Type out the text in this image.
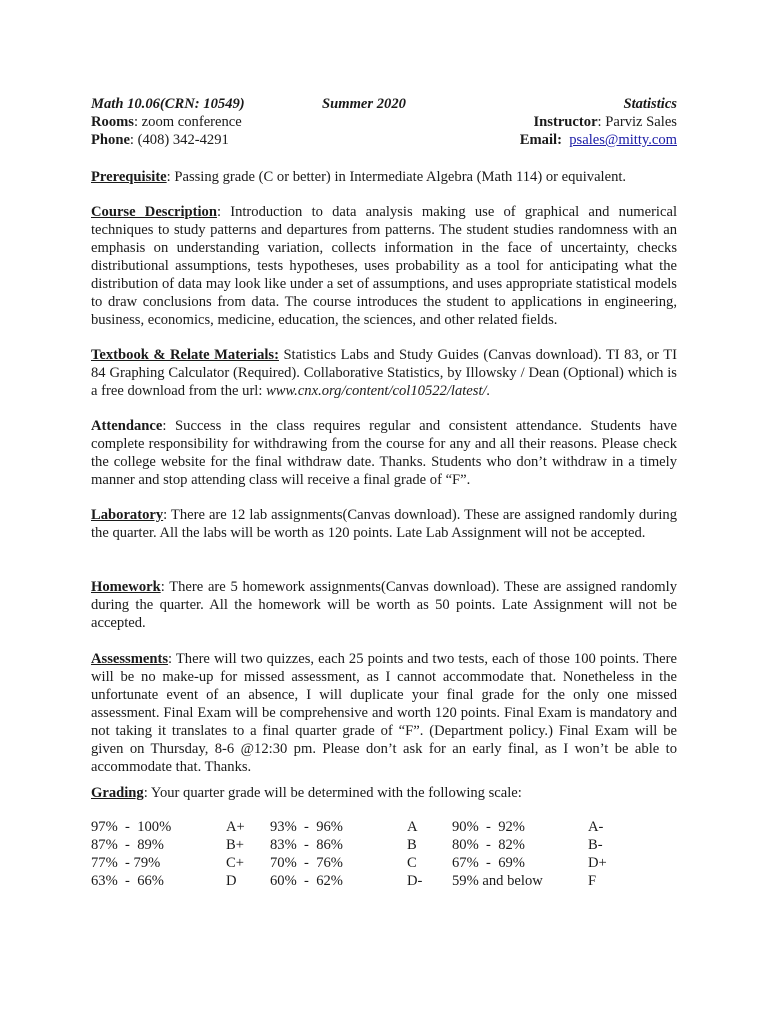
Math 10.06(CRN: 10549)
Rooms: zoom conference
Phone: (408) 342-4291
Summer 2020	Statistics
Instructor: Parviz Sales
Email: psales@mitty.com

Prerequisite: Passing grade (C or better) in Intermediate Algebra (Math 114) or equivalent.

Course Description: Introduction to data analysis making use of graphical and numerical techniques to study patterns and departures from patterns. The student studies randomness with an emphasis on understanding variation, collects information in the face of uncertainty, checks distributional assumptions, tests hypotheses, uses probability as a tool for anticipating what the distribution of data may look like under a set of assumptions, and uses appropriate statistical models to draw conclusions from data. The course introduces the student to applications in engineering, business, economics, medicine, education, the sciences, and other related fields.

Textbook & Relate Materials: Statistics Labs and Study Guides (Canvas download). TI 83, or TI 84 Graphing Calculator (Required). Collaborative Statistics, by Illowsky / Dean (Optional) which is a free download from the url: www.cnx.org/content/col10522/latest/.

Attendance: Success in the class requires regular and consistent attendance. Students have complete responsibility for withdrawing from the course for any and all their reasons. Please check the college website for the final withdraw date. Thanks. Students who don’t withdraw in a timely manner and stop attending class will receive a final grade of “F”.

Laboratory: There are 12 lab assignments(Canvas download). These are assigned randomly during the quarter. All the labs will be worth as 120 points. Late Lab Assignment will not be accepted.

Homework: There are 5 homework assignments(Canvas download). These are assigned randomly during the quarter. All the homework will be worth as 50 points. Late Assignment will not be accepted.

Assessments: There will two quizzes, each 25 points and two tests, each of those 100 points. There will be no make-up for missed assessment, as I cannot accommodate that. Nonetheless in the unfortunate event of an absence, I will duplicate your final grade for the only one missed assessment. Final Exam will be comprehensive and worth 120 points. Final Exam is mandatory and not taking it translates to a final quarter grade of “F”. (Department policy.) Final Exam will be given on Thursday, 8-6 @12:30 pm. Please don’t ask for an early final, as I won’t be able to accommodate that. Thanks.

Grading: Your quarter grade will be determined with the following scale:

97%  -  100%
87%  -  89%
77%  - 79%
63%  -  66%
A+
B+
C+
D
93%  -  96%
83%  -  86%
70%  -  76%
60%  -  62%
A
B
C
D-
90%  -  92%
80%  -  82%
67%  -  69%
59% and below
A-
B-
D+
F
